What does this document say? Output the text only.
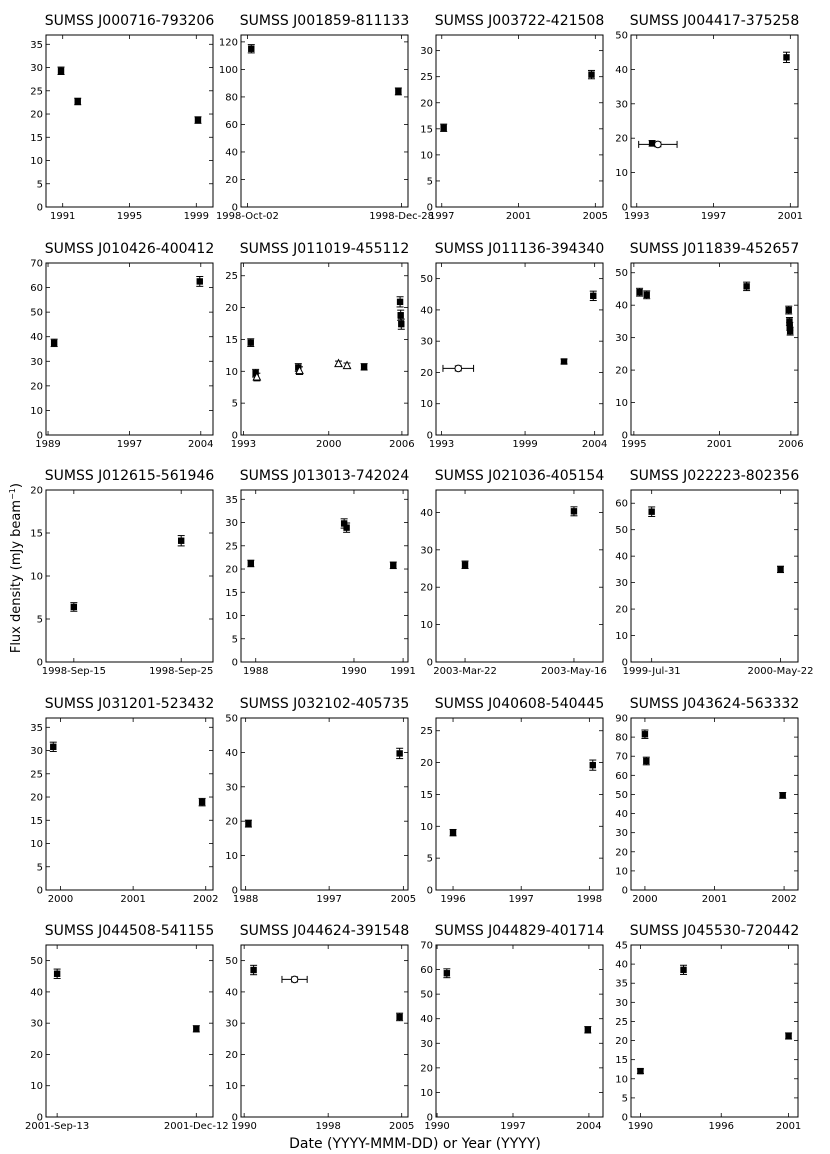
SUMSS J000716-793206
0
5
10
15
20
25
30
35
1991	1995	1999
SUMSS J001859-811133
0
20
40
60
80
100
120
1998-Oct-02	1998-Dec-28
SUMSS J003722-421508
0
5
10
15
20
25
30
1997	2001	2005
SUMSS J004417-375258
0
10
20
30
40
50
1993	1997	2001
SUMSS J010426-400412
0
10
20
30
40
50
60
70
1989	1997	2004
SUMSS J011019-455112
0
5
10
15
20
25
1993	2000	2006
SUMSS J011136-394340
0
10
20
30
40
50
1993	1999	2004
SUMSS J011839-452657
0
10
20
30
40
50
1995	2001	2006
SUMSS J012615-561946
0
5
10
15
20
1998-Sep-15	1998-Sep-25
SUMSS J013013-742024
0
5
10
15
20
25
30
35
1988	1990 1991
SUMSS J021036-405154
0
10
20
30
40
2003-Mar-22	2003-May-16
SUMSS J022223-802356
0
10
20
30
40
50
60
1999-Jul-31	2000-May-22
SUMSS J031201-523432
0
5
10
15
20
25
30
35
2000	2001	2002
SUMSS J032102-405735
0
10
20
30
40
50
1988	1997	2005
SUMSS J040608-540445
0
5
10
15
20
25
1996	1997	1998
SUMSS J043624-563332
0
10
20
30
40
50
60
70
80
90
2000	2001	2002
SUMSS J044508-541155
0
10
20
30
40
50
2001-Sep-13	2001-Dec-12
SUMSS J044624-391548
0
10
20
30
40
50
1990	1998	2005
SUMSS J044829-401714
0
10
20
30
40
50
60
70
1990	1997	2004
SUMSS J045530-720442
0
5
10
15
20
25
30
35
40
45
1990	1996	2001
Flux density (mJy beam$^{-1}$)
Date (YYYY-MMM-DD) or Year (YYYY)
